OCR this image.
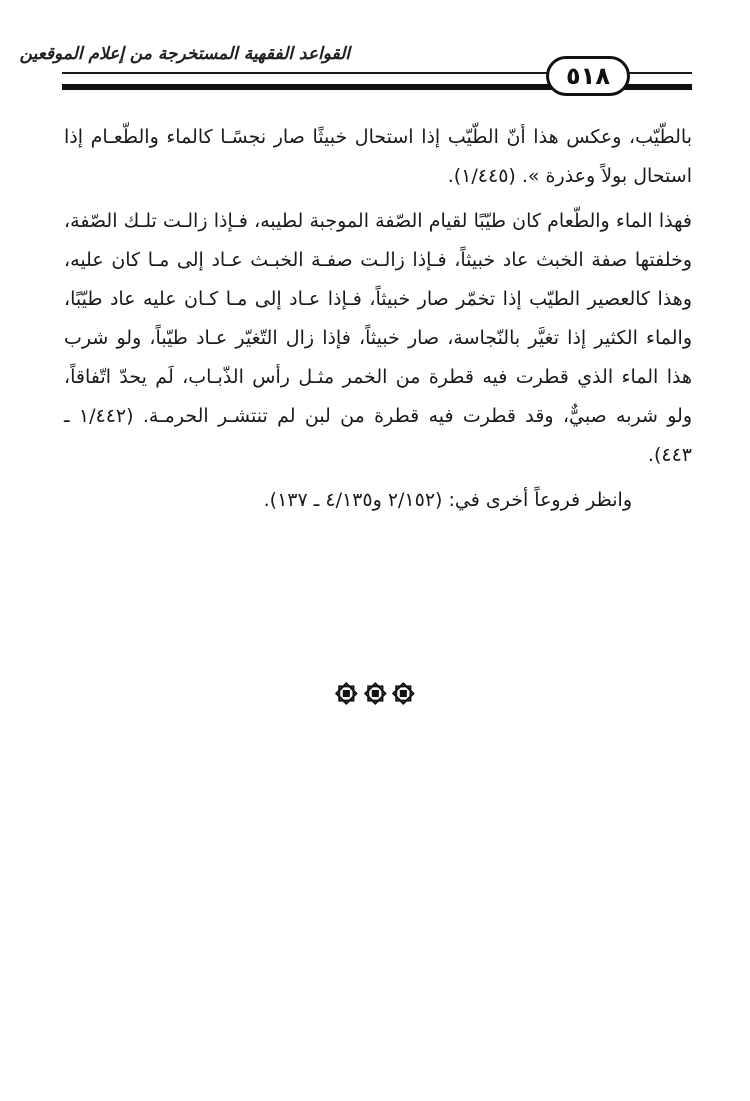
القواعد الفقهية المستخرجة من إعلام الموقعين
٥١٨

بالطّيّب، وعكس هذا أنّ الطّيّب إذا استحال خبيثًا صار نجسًـا كالماء والطّعـام إذا استحال بولاً وعذرة ». (١/٤٤٥).

فهذا الماء والطّعام كان طيّبًا لقيام الصّفة الموجبة لطيبه، فـإذا زالـت تلـك الصّفة، وخلفتها صفة الخبث عاد خبيثاً، فـإذا زالـت صفـة الخبـث عـاد إلى مـا كان عليه، وهذا كالعصير الطيّب إذا تخمّر صار خبيثاً، فـإذا عـاد إلى مـا كـان عليه عاد طيّبًا، والماء الكثير إذا تغيَّر بالنّجاسة، صار خبيثاً، فإذا زال التّغيّر عـاد طيّباً، ولو شرب هذا الماء الذي قطرت فيه قطرة من الخمر مثـل رأس الذّبـاب، لَم يحدّ اتّفاقاً، ولو شربه صبيٌّ، وقد قطرت فيه قطرة من لبن لم تنتشـر الحرمـة. (١/٤٤٢ ـ ٤٤٣).

وانظر فروعاً أخرى في: (٢/١٥٢ و٤/١٣٥ ـ ١٣٧).
